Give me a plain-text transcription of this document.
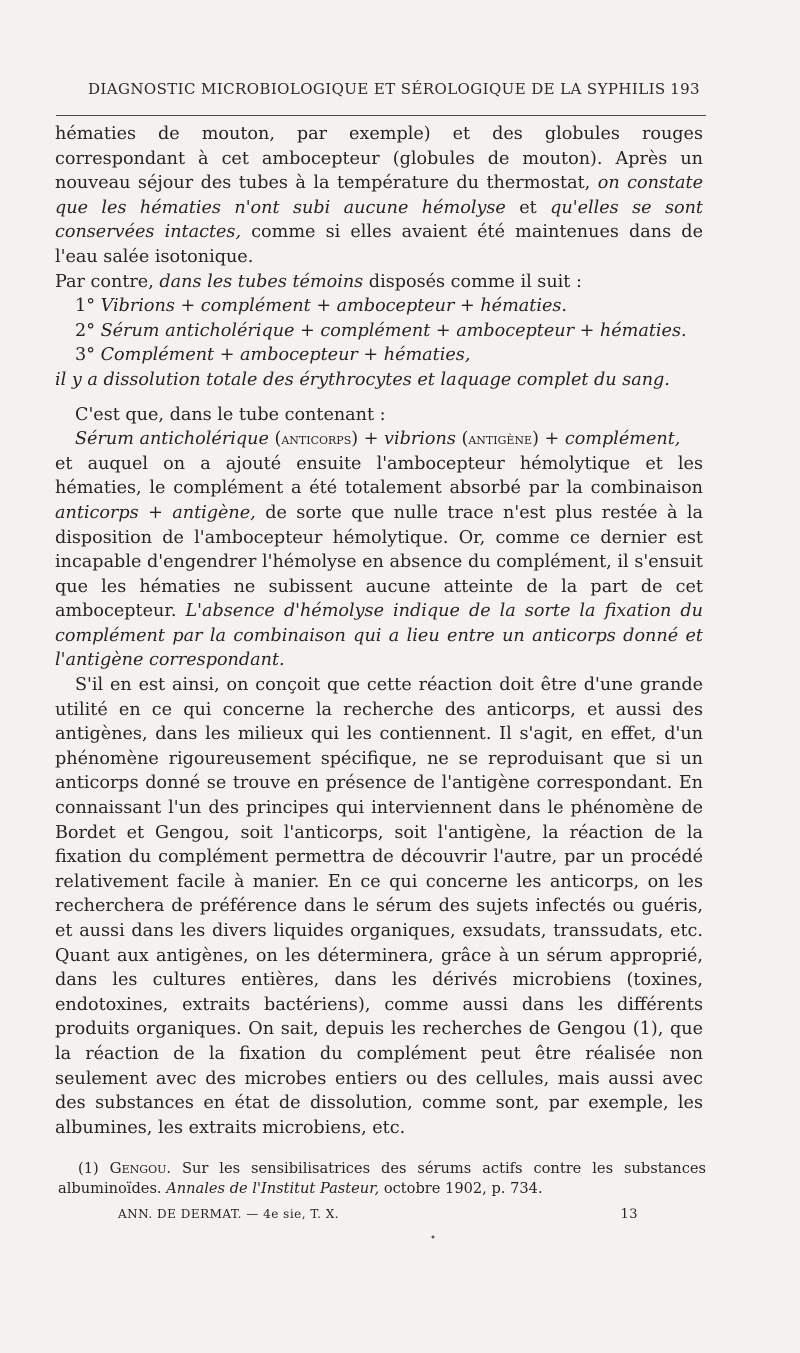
DIAGNOSTIC MICROBIOLOGIQUE ET SÉROLOGIQUE DE LA SYPHILIS 193

hématies de mouton, par exemple) et des globules rouges correspondant à cet ambocepteur (globules de mouton). Après un nouveau séjour des tubes à la température du thermostat, on constate que les hématies n'ont subi aucune hémolyse et qu'elles se sont conservées intactes, comme si elles avaient été maintenues dans de l'eau salée isotonique.

Par contre, dans les tubes témoins disposés comme il suit :

1° Vibrions + complément + ambocepteur + hématies.

2° Sérum anticholérique + complément + ambocepteur + hématies.

3° Complément + ambocepteur + hématies,

il y a dissolution totale des érythrocytes et laquage complet du sang.

C'est que, dans le tube contenant :

Sérum anticholérique (anticorps) + vibrions (antigène) + complément,

et auquel on a ajouté ensuite l'ambocepteur hémolytique et les hématies, le complément a été totalement absorbé par la combinaison anticorps + antigène, de sorte que nulle trace n'est plus restée à la disposition de l'ambocepteur hémolytique. Or, comme ce dernier est incapable d'engendrer l'hémolyse en absence du complément, il s'ensuit que les hématies ne subissent aucune atteinte de la part de cet ambocepteur. L'absence d'hémolyse indique de la sorte la fixation du complément par la combinaison qui a lieu entre un anticorps donné et l'antigène correspondant.

S'il en est ainsi, on conçoit que cette réaction doit être d'une grande utilité en ce qui concerne la recherche des anticorps, et aussi des antigènes, dans les milieux qui les contiennent. Il s'agit, en effet, d'un phénomène rigoureusement spécifique, ne se reproduisant que si un anticorps donné se trouve en présence de l'antigène correspondant. En connaissant l'un des principes qui interviennent dans le phénomène de Bordet et Gengou, soit l'anticorps, soit l'antigène, la réaction de la fixation du complément permettra de découvrir l'autre, par un procédé relativement facile à manier. En ce qui concerne les anticorps, on les recherchera de préférence dans le sérum des sujets infectés ou guéris, et aussi dans les divers liquides organiques, exsudats, transsudats, etc. Quant aux antigènes, on les déterminera, grâce à un sérum approprié, dans les cultures entières, dans les dérivés microbiens (toxines, endotoxines, extraits bactériens), comme aussi dans les différents produits organiques. On sait, depuis les recherches de Gengou (1), que la réaction de la fixation du complément peut être réalisée non seulement avec des microbes entiers ou des cellules, mais aussi avec des substances en état de dissolution, comme sont, par exemple, les albumines, les extraits microbiens, etc.

(1) Gengou. Sur les sensibilisatrices des sérums actifs contre les substances albuminoïdes. Annales de l'Institut Pasteur, octobre 1902, p. 734.
ANN. DE DERMAT. — 4e sie, T. X.	13
•
